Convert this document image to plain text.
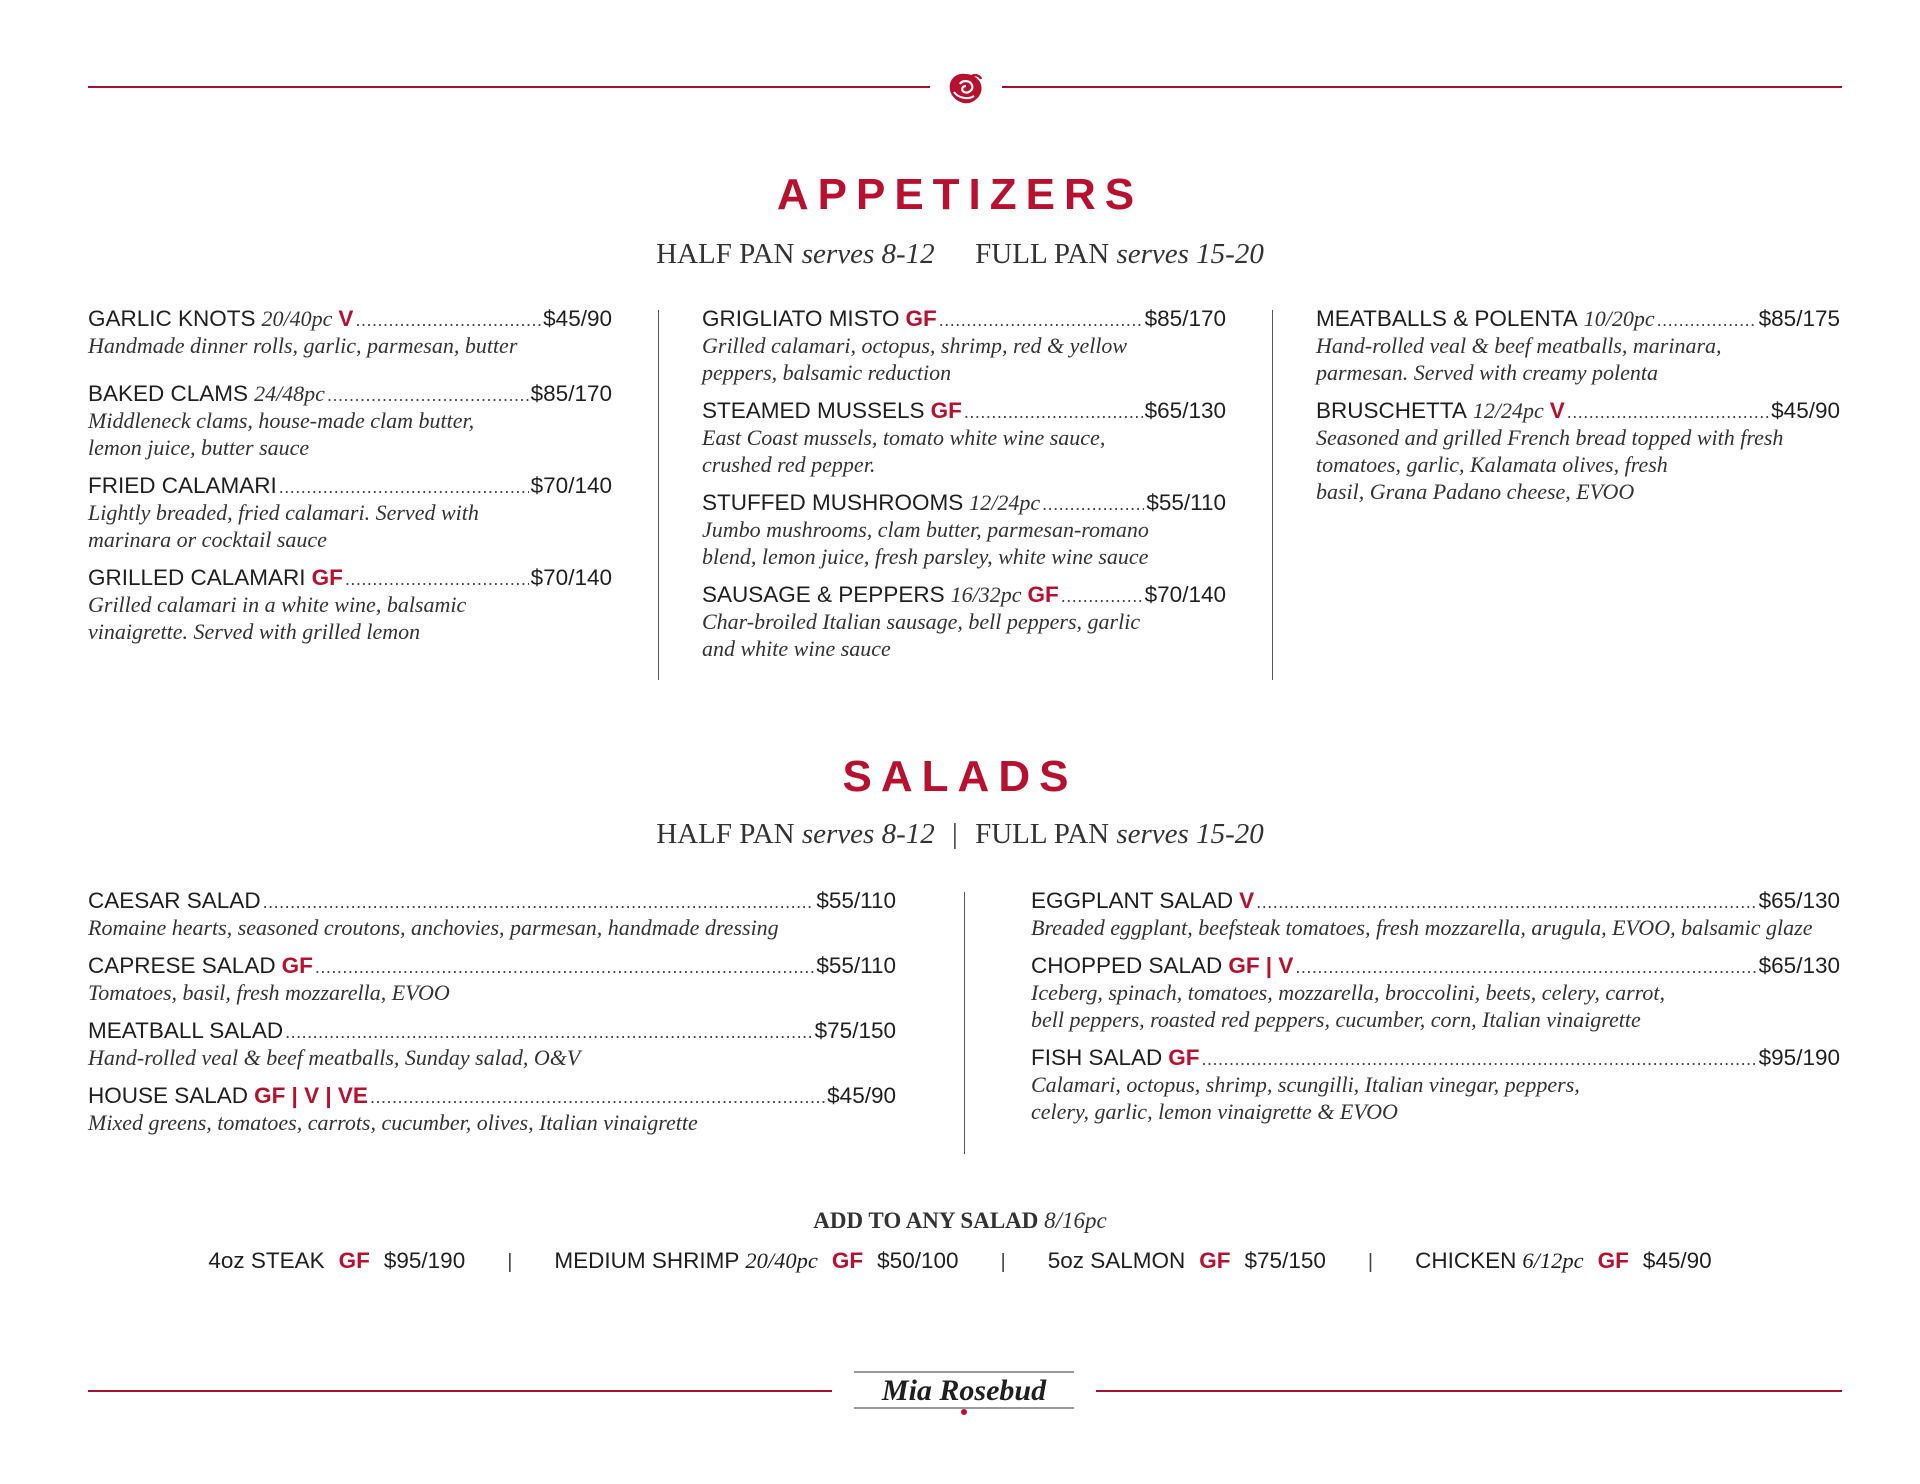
APPETIZERS
HALF PAN serves 8-12 FULL PAN serves 15-20
GARLIC KNOTS 20/40pc V .....	$45/90
Handmade dinner rolls, garlic, parmesan, butter
BAKED CLAMS 24/48pc .....	$85/170
Middleneck clams, house-made clam butter,
lemon juice, butter sauce
FRIED CALAMARI .....	$70/140
Lightly breaded, fried calamari. Served with
marinara or cocktail sauce
GRILLED CALAMARI GF .....	$70/140
Grilled calamari in a white wine, balsamic
vinaigrette. Served with grilled lemon
GRIGLIATO MISTO GF .....	$85/170
Grilled calamari, octopus, shrimp, red & yellow
peppers, balsamic reduction
STEAMED MUSSELS GF .....	$65/130
East Coast mussels, tomato white wine sauce,
crushed red pepper.
STUFFED MUSHROOMS 12/24pc .....	$55/110
Jumbo mushrooms, clam butter, parmesan-romano
blend, lemon juice, fresh parsley, white wine sauce
SAUSAGE & PEPPERS 16/32pc GF .....	$70/140
Char-broiled Italian sausage, bell peppers, garlic
and white wine sauce
MEATBALLS & POLENTA 10/20pc .....	$85/175
Hand-rolled veal & beef meatballs, marinara,
parmesan. Served with creamy polenta
BRUSCHETTA 12/24pc V .....	$45/90
Seasoned and grilled French bread topped with fresh
tomatoes, garlic, Kalamata olives, fresh
basil, Grana Padano cheese, EVOO
SALADS
HALF PAN serves 8-12 | FULL PAN serves 15-20
CAESAR SALAD .....	$55/110
Romaine hearts, seasoned croutons, anchovies, parmesan, handmade dressing
CAPRESE SALAD GF .....	$55/110
Tomatoes, basil, fresh mozzarella, EVOO
MEATBALL SALAD .....	$75/150
Hand-rolled veal & beef meatballs, Sunday salad, O&V
HOUSE SALAD GF | V | VE .....	$45/90
Mixed greens, tomatoes, carrots, cucumber, olives, Italian vinaigrette
EGGPLANT SALAD V .....	$65/130
Breaded eggplant, beefsteak tomatoes, fresh mozzarella, arugula, EVOO, balsamic glaze
CHOPPED SALAD GF | V .....	$65/130
Iceberg, spinach, tomatoes, mozzarella, broccolini, beets, celery, carrot,
bell peppers, roasted red peppers, cucumber, corn, Italian vinaigrette
FISH SALAD GF .....	$95/190
Calamari, octopus, shrimp, scungilli, Italian vinegar, peppers,
celery, garlic, lemon vinaigrette & EVOO
ADD TO ANY SALAD 8/16pc
4oz STEAK GF $95/190 | MEDIUM SHRIMP 20/40pc GF $50/100 | 5oz SALMON GF $75/150 | CHICKEN 6/12pc GF $45/90
Mia Rosebud
